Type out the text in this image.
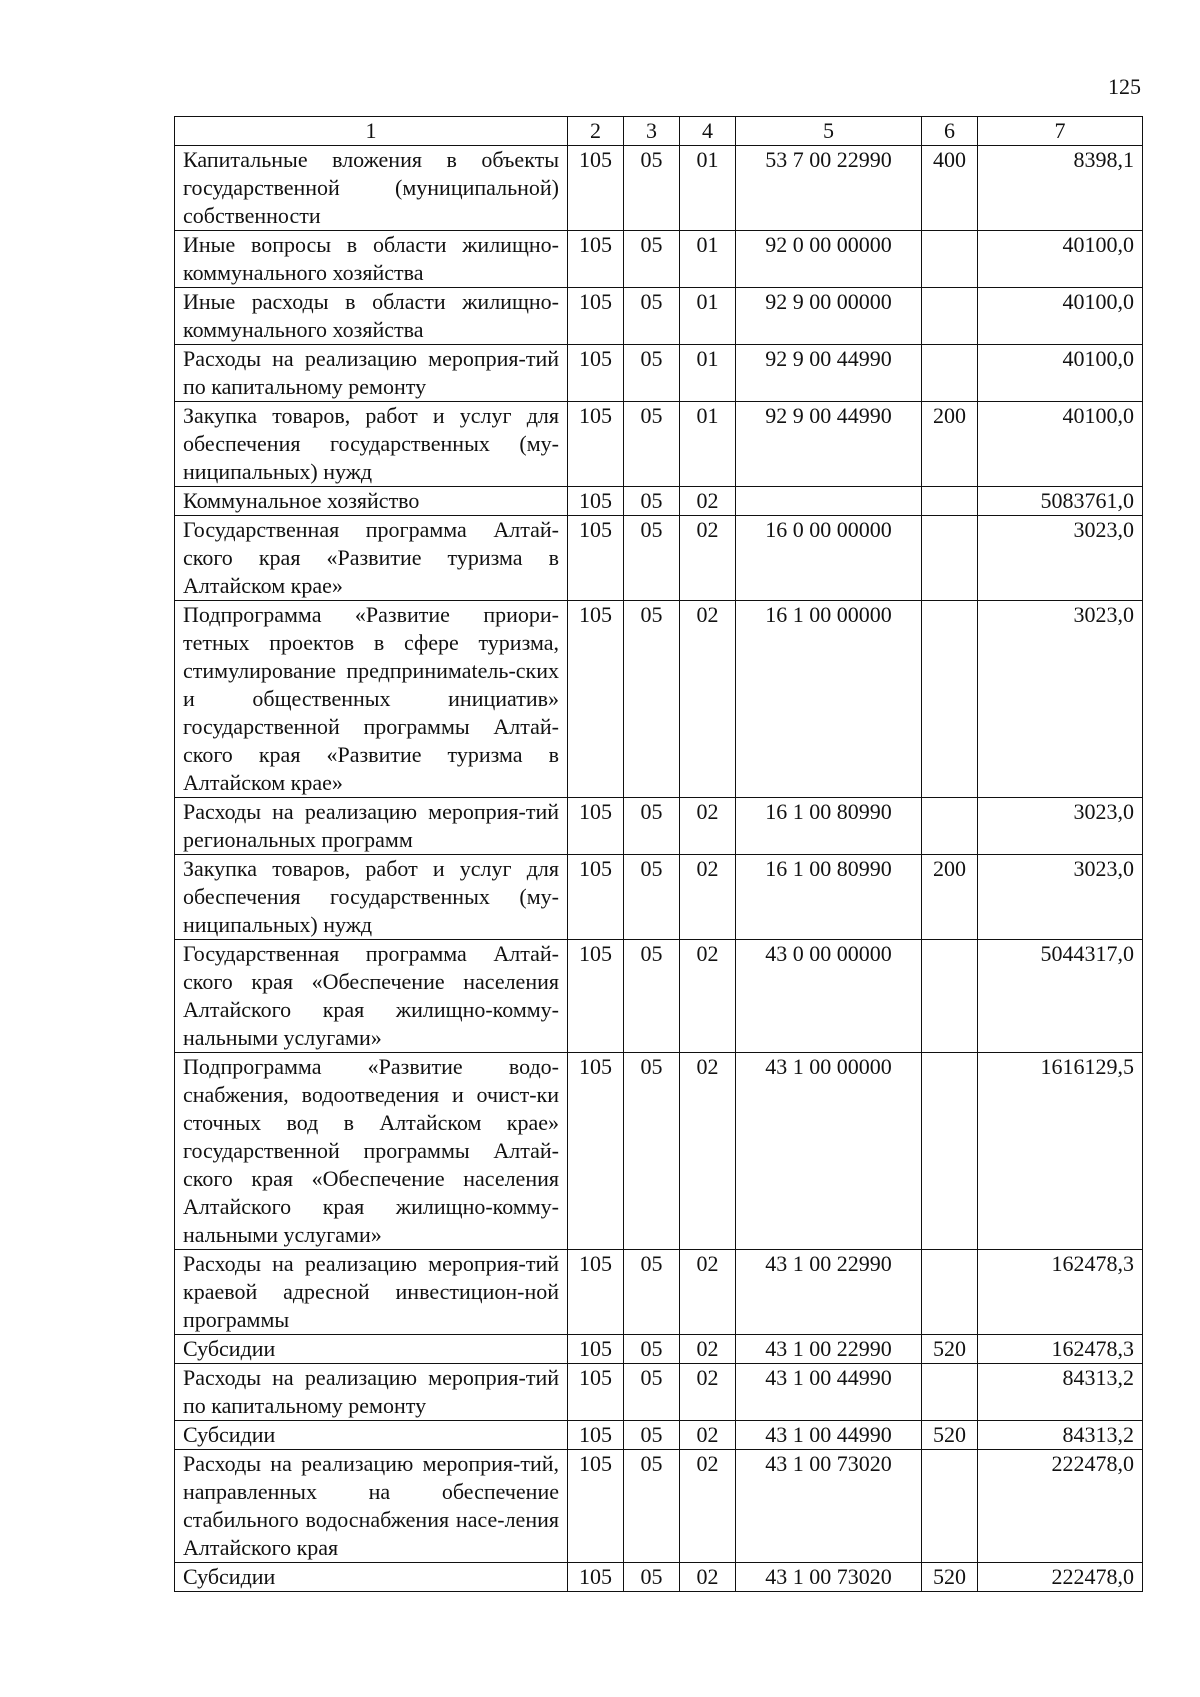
125
1	2	3	4	5	6	7
Капитальные вложения в объекты государственной (муниципальной) собственности	105	05	01	53 7 00 22990	400	8398,1
Иные вопросы в области жилищно-коммунального хозяйства	105	05	01	92 0 00 00000		40100,0
Иные расходы в области жилищно-коммунального хозяйства	105	05	01	92 9 00 00000		40100,0
Расходы на реализацию мероприя-тий по капитальному ремонту	105	05	01	92 9 00 44990		40100,0
Закупка товаров, работ и услуг для обеспечения государственных (му-ниципальных) нужд	105	05	01	92 9 00 44990	200	40100,0
Коммунальное хозяйство	105	05	02			5083761,0
Государственная программа Алтай-ского края «Развитие туризма в Алтайском крае»	105	05	02	16 0 00 00000		3023,0
Подпрограмма «Развитие приори-тетных проектов в сфере туризма, стимулирование предпринимatель-ских и общественных инициатив» государственной программы Алтай-ского края «Развитие туризма в Алтайском крае»	105	05	02	16 1 00 00000		3023,0
Расходы на реализацию мероприя-тий региональных программ	105	05	02	16 1 00 80990		3023,0
Закупка товаров, работ и услуг для обеспечения государственных (му-ниципальных) нужд	105	05	02	16 1 00 80990	200	3023,0
Государственная программа Алтай-ского края «Обеспечение населения Алтайского края жилищно-комму-нальными услугами»	105	05	02	43 0 00 00000		5044317,0
Подпрограмма «Развитие водо-снабжения, водоотведения и очист-ки сточных вод в Алтайском крае» государственной программы Алтай-ского края «Обеспечение населения Алтайского края жилищно-комму-нальными услугами»	105	05	02	43 1 00 00000		1616129,5
Расходы на реализацию мероприя-тий краевой адресной инвестицион-ной программы	105	05	02	43 1 00 22990		162478,3
Субсидии	105	05	02	43 1 00 22990	520	162478,3
Расходы на реализацию мероприя-тий по капитальному ремонту	105	05	02	43 1 00 44990		84313,2
Субсидии	105	05	02	43 1 00 44990	520	84313,2
Расходы на реализацию мероприя-тий, направленных на обеспечение стабильного водоснабжения насе-ления Алтайского края	105	05	02	43 1 00 73020		222478,0
Субсидии	105	05	02	43 1 00 73020	520	222478,0
